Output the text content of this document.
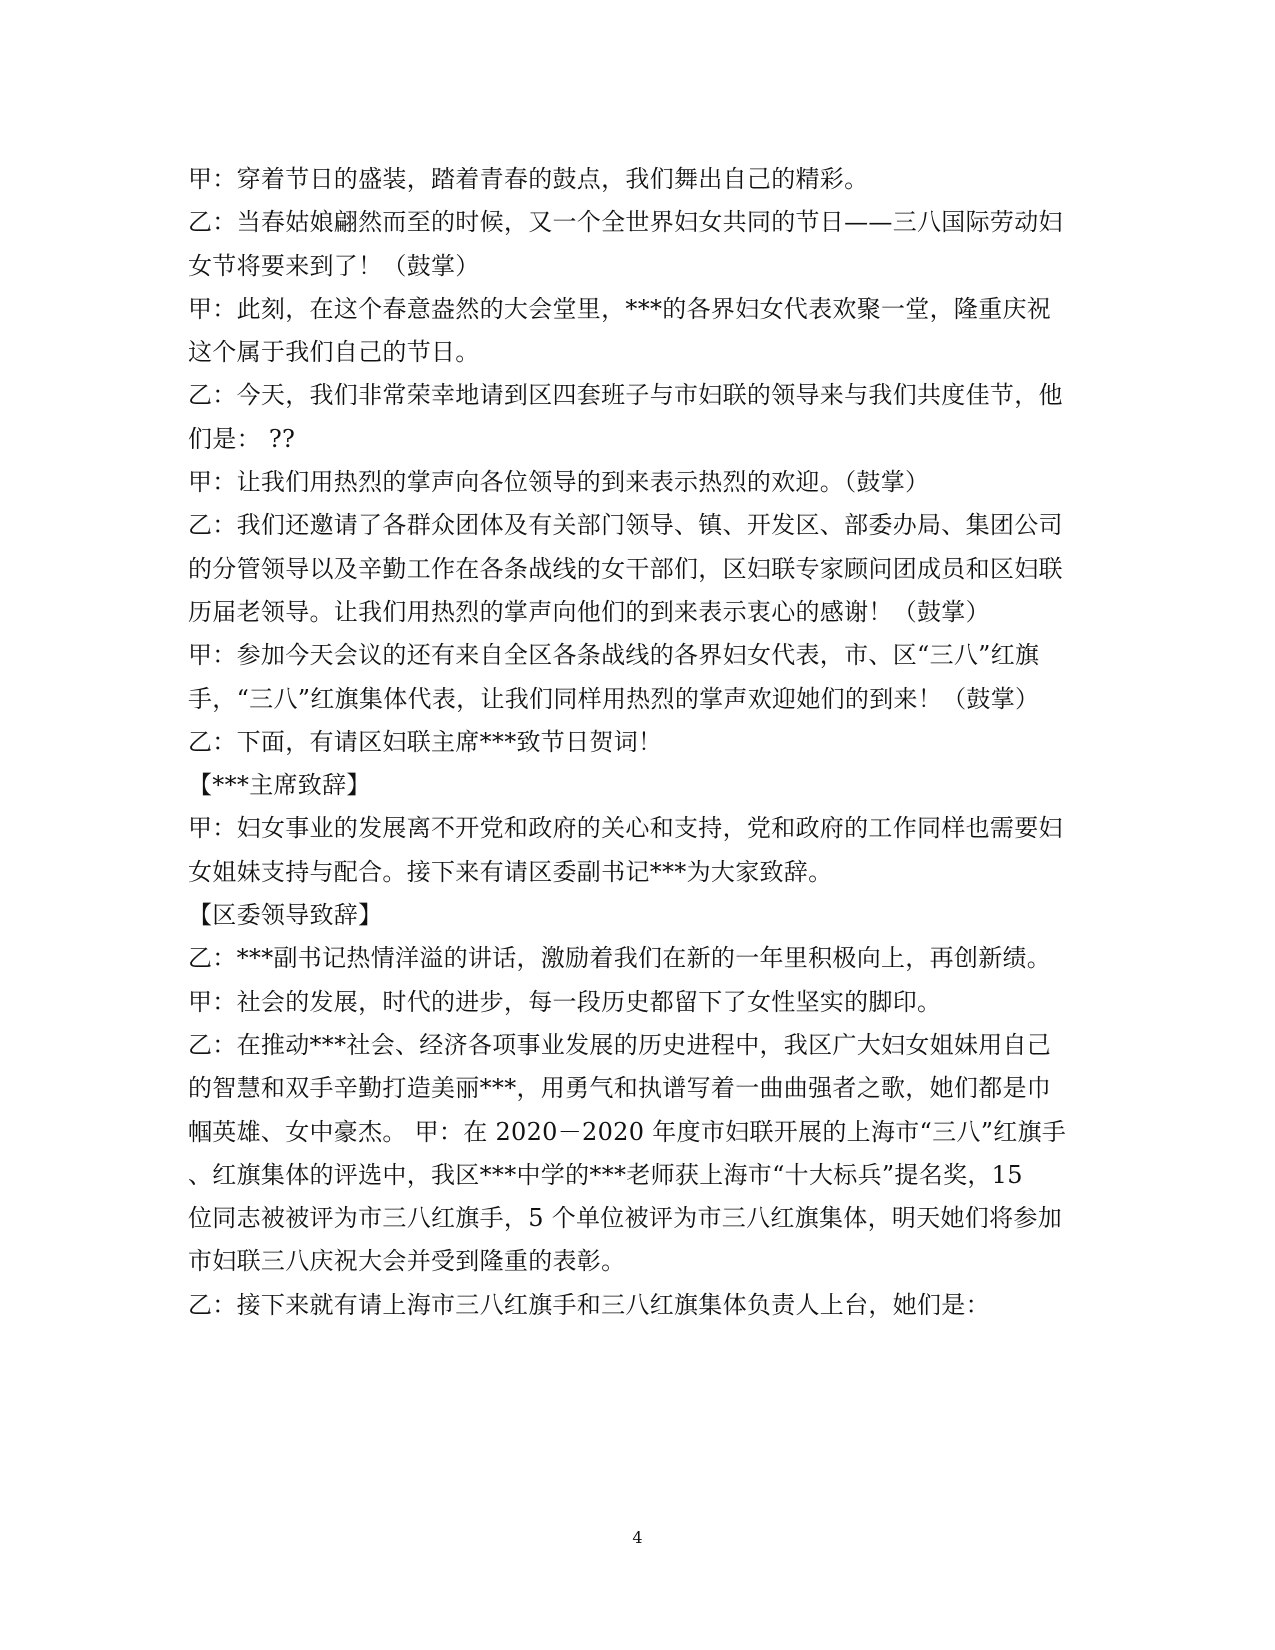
甲：穿着节日的盛装，踏着青春的鼓点，我们舞出自己的精彩。
乙：当春姑娘翩然而至的时候，又一个全世界妇女共同的节日——三八国际劳动妇
女节将要来到了！（鼓掌）
甲：此刻，在这个春意盎然的大会堂里，***的各界妇女代表欢聚一堂，隆重庆祝
这个属于我们自己的节日。
乙：今天，我们非常荣幸地请到区四套班子与市妇联的领导来与我们共度佳节，他
们是： ??
甲：让我们用热烈的掌声向各位领导的到来表示热烈的欢迎。（鼓掌）
乙：我们还邀请了各群众团体及有关部门领导、镇、开发区、部委办局、集团公司
的分管领导以及辛勤工作在各条战线的女干部们，区妇联专家顾问团成员和区妇联
历届老领导。让我们用热烈的掌声向他们的到来表示衷心的感谢！（鼓掌）
甲：参加今天会议的还有来自全区各条战线的各界妇女代表，市、区“三八”红旗
手，“三八”红旗集体代表，让我们同样用热烈的掌声欢迎她们的到来！（鼓掌）
乙：下面，有请区妇联主席***致节日贺词！
【***主席致辞】
甲：妇女事业的发展离不开党和政府的关心和支持，党和政府的工作同样也需要妇
女姐妹支持与配合。接下来有请区委副书记***为大家致辞。
【区委领导致辞】
乙：***副书记热情洋溢的讲话，激励着我们在新的一年里积极向上，再创新绩。
甲：社会的发展，时代的进步，每一段历史都留下了女性坚实的脚印。
乙：在推动***社会、经济各项事业发展的历史进程中，我区广大妇女姐妹用自己
的智慧和双手辛勤打造美丽***，用勇气和执谱写着一曲曲强者之歌，她们都是巾
帼英雄、女中豪杰。 甲：在 2020－2020 年度市妇联开展的上海市“三八”红旗手
、红旗集体的评选中，我区***中学的***老师获上海市“十大标兵”提名奖，15
位同志被被评为市三八红旗手，5 个单位被评为市三八红旗集体，明天她们将参加
市妇联三八庆祝大会并受到隆重的表彰。
乙：接下来就有请上海市三八红旗手和三八红旗集体负责人上台，她们是：
4
